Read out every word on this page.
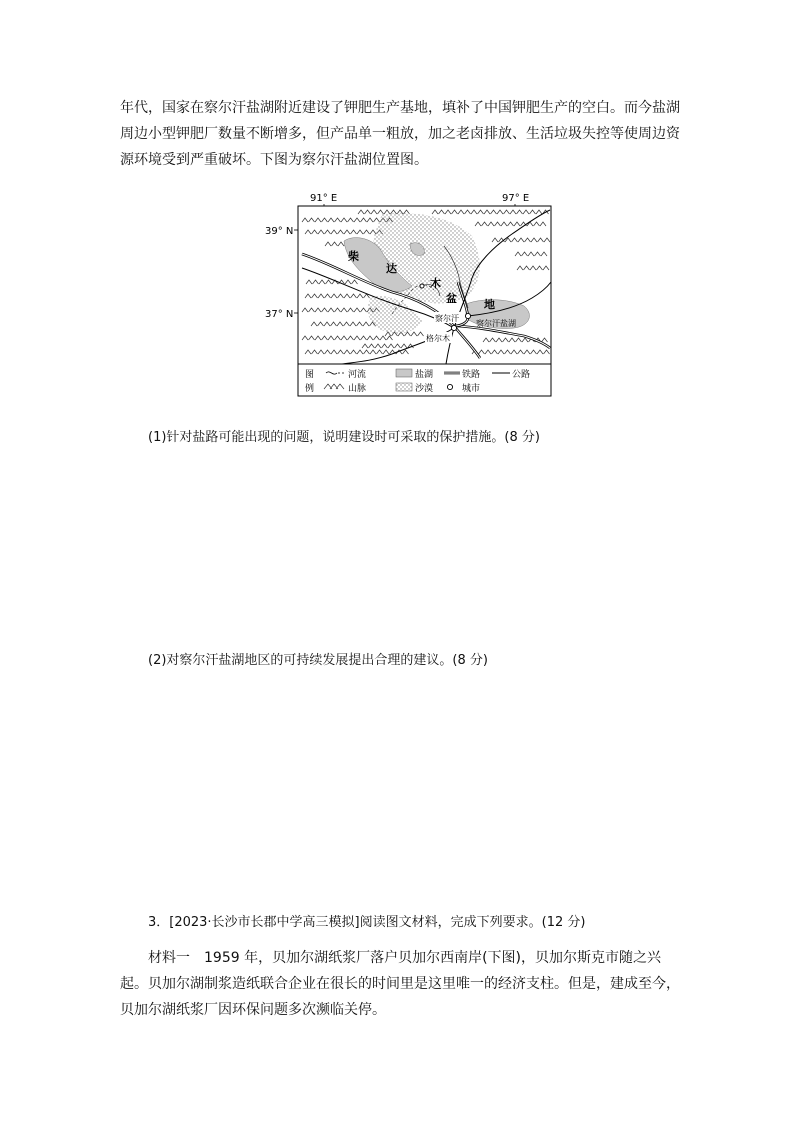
年代，国家在察尔汗盐湖附近建设了钾肥生产基地，填补了中国钾肥生产的空白。而今盐湖周边小型钾肥厂数量不断增多，但产品单一粗放，加之老卤排放、生活垃圾失控等使周边资源环境受到严重破坏。下图为察尔汗盐湖位置图。

91° E	97° E
39° N
37° N
柴
达
木
盆 地
察尔汗
格尔木
察尔汗盐湖
图
例
河流	盐湖	铁路	公路
山脉	沙漠	城市
(1)针对盐路可能出现的问题，说明建设时可采取的保护措施。(8 分)
(2)对察尔汗盐湖地区的可持续发展提出合理的建议。(8 分)
3．[2023·长沙市长郡中学高三模拟]阅读图文材料，完成下列要求。(12 分)

材料一　1959 年，贝加尔湖纸浆厂落户贝加尔西南岸(下图)，贝加尔斯克市随之兴起。贝加尔湖制浆造纸联合企业在很长的时间里是这里唯一的经济支柱。但是，建成至今，贝加尔湖纸浆厂因环保问题多次濒临关停。
